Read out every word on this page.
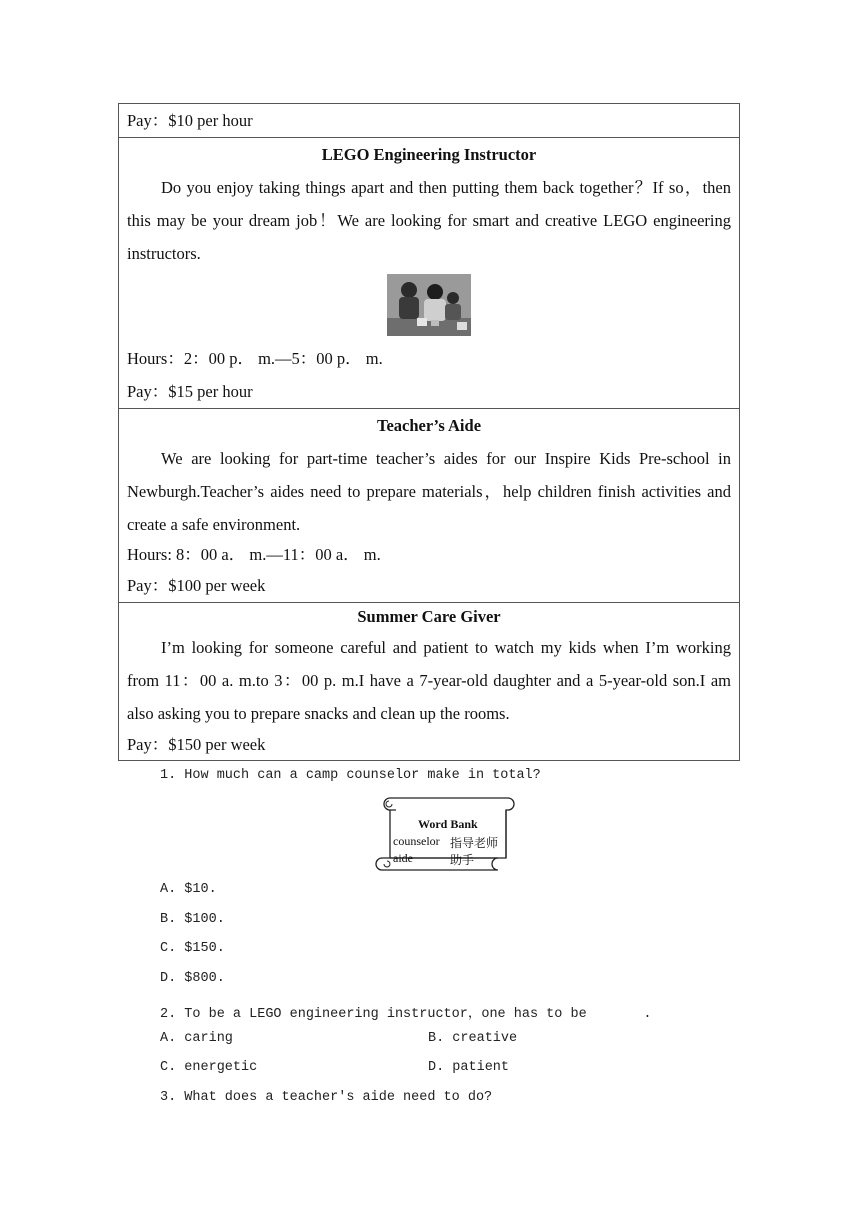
Pay：$10 per hour
LEGO Engineering Instructor

Do you enjoy taking things apart and then putting them back together？If so，then this may be your dream job！We are looking for smart and creative LEGO engineering instructors.

Hours：2：00 p． m.—5：00 p． m.
Pay：$15 per hour
Teacher’s Aide

We are looking for part-time teacher’s aides for our Inspire Kids Pre-school in Newburgh.Teacher’s aides need to prepare materials，help children finish activities and create a safe environment.

Hours: 8：00 a． m.—11：00 a． m.
Pay：$100 per week
Summer Care Giver

I’m looking for someone careful and patient to watch my kids when I’m working from 11：00 a. m.to 3：00 p. m.I have a 7-year-old daughter and a 5-year-old son.I am also asking you to prepare snacks and clean up the rooms.

Pay：$150 per week
1. How much can a camp counselor make in total?
A. $10.
B. $100.
C. $150.
D. $800.
2. To be a LEGO engineering instructor，one has to be       .
A. caring	B. creative
C. energetic	D. patient
3. What does a teacher's aide need to do?
Word Bank
counselor 指导老师
aide	助手
